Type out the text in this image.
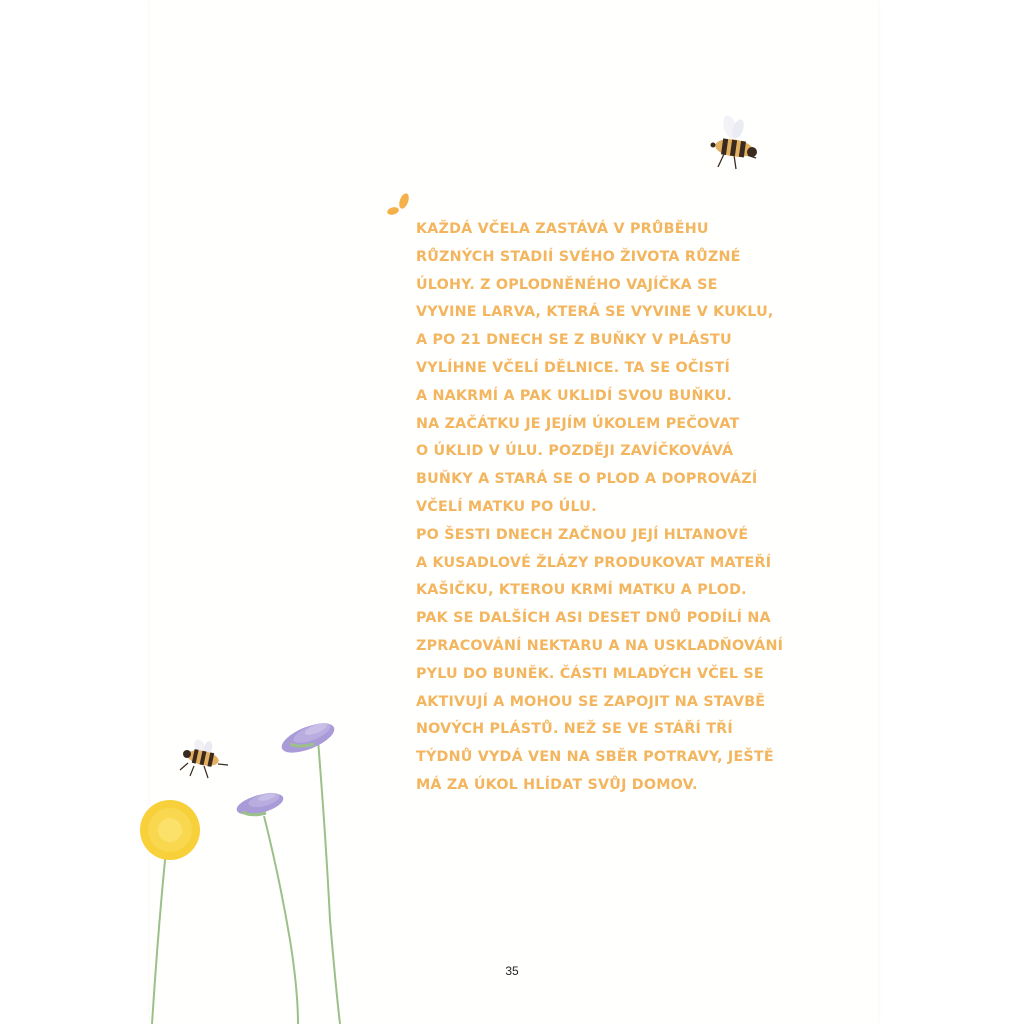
KAŽDÁ VČELA ZASTÁVÁ V PRŮBĚHU
RŮZNÝCH STADIÍ SVÉHO ŽIVOTA RŮZNÉ
ÚLOHY. Z OPLODNĚNÉHO VAJÍČKA SE
VYVINE LARVA, KTERÁ SE VYVINE V KUKLU,
A PO 21 DNECH SE Z BUŇKY V PLÁSTU
VYLÍHNE VČELÍ DĚLNICE. TA SE OČISTÍ
A NAKRMÍ A PAK UKLIDÍ SVOU BUŇKU.
NA ZAČÁTKU JE JEJÍM ÚKOLEM PEČOVAT
O ÚKLID V ÚLU. POZDĚJI ZAVÍČKOVÁVÁ
BUŇKY A STARÁ SE O PLOD A DOPROVÁZÍ
VČELÍ MATKU PO ÚLU.
PO ŠESTI DNECH ZAČNOU JEJÍ HLTANOVÉ
A KUSADLOVÉ ŽLÁZY PRODUKOVAT MATEŘÍ
KAŠIČKU, KTEROU KRMÍ MATKU A PLOD.
PAK SE DALŠÍCH ASI DESET DNŮ PODÍLÍ NA
ZPRACOVÁNÍ NEKTARU A NA USKLADŇOVÁNÍ
PYLU DO BUNĚK. ČÁSTI MLADÝCH VČEL SE
AKTIVUJÍ A MOHOU SE ZAPOJIT NA STAVBĚ
NOVÝCH PLÁSTŮ. NEŽ SE VE STÁŘÍ TŘÍ
TÝDNŮ VYDÁ VEN NA SBĚR POTRAVY, JEŠTĚ
MÁ ZA ÚKOL HLÍDAT SVŮJ DOMOV.
35
